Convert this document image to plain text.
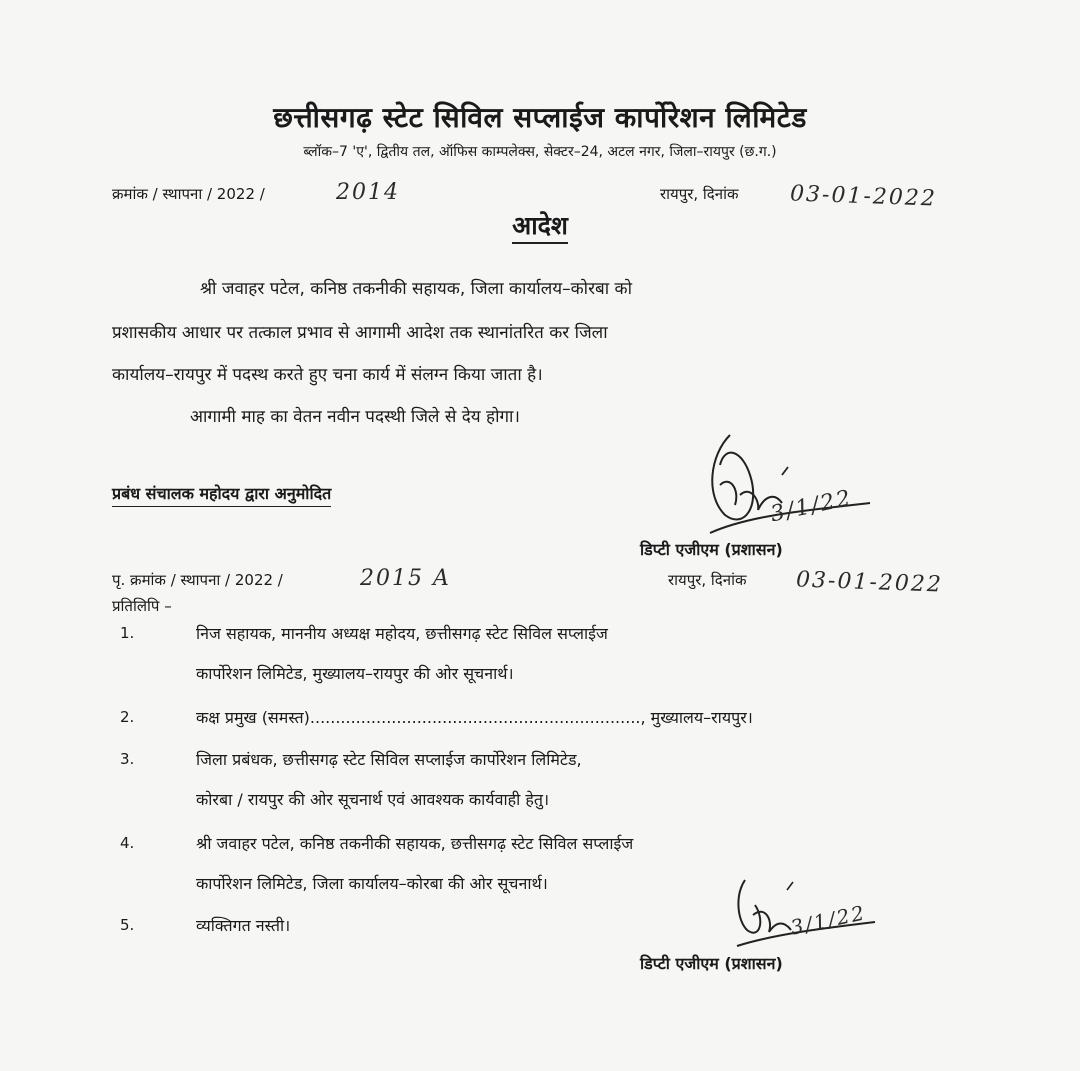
छत्तीसगढ़ स्टेट सिविल सप्लाईज कार्पोरेशन लिमिटेड
ब्लॉक–7 'ए', द्वितीय तल, ऑफिस काम्पलेक्स, सेक्टर–24, अटल नगर, जिला–रायपुर (छ.ग.)
क्रमांक / स्थापना / 2022 /	2014	रायपुर, दिनांक 03-01-2022
आदेश
श्री जवाहर पटेल, कनिष्ठ तकनीकी सहायक, जिला कार्यालय–कोरबा को
प्रशासकीय आधार पर तत्काल प्रभाव से आगामी आदेश तक स्थानांतरित कर जिला
कार्यालय–रायपुर में पदस्थ करते हुए चना कार्य में संलग्न किया जाता है।
आगामी माह का वेतन नवीन पदस्थी जिले से देय होगा।
प्रबंध संचालक महोदय द्वारा अनुमोदित	3/1/22
डिप्टी एजीएम (प्रशासन)
पृ. क्रमांक / स्थापना / 2022 /	2015 A	रायपुर, दिनांक 03-01-2022
प्रतिलिपि –
1.	निज सहायक, माननीय अध्यक्ष महोदय, छत्तीसगढ़ स्टेट सिविल सप्लाईज
कार्पोरेशन लिमिटेड, मुख्यालय–रायपुर की ओर सूचनार्थ।
2.	कक्ष प्रमुख (समस्त)................................................................., मुख्यालय–रायपुर।
3.	जिला प्रबंधक, छत्तीसगढ़ स्टेट सिविल सप्लाईज कार्पोरेशन लिमिटेड,
कोरबा / रायपुर की ओर सूचनार्थ एवं आवश्यक कार्यवाही हेतु।
4.	श्री जवाहर पटेल, कनिष्ठ तकनीकी सहायक, छत्तीसगढ़ स्टेट सिविल सप्लाईज
कार्पोरेशन लिमिटेड, जिला कार्यालय–कोरबा की ओर सूचनार्थ।
5.	व्यक्तिगत नस्ती।	3/1/22
डिप्टी एजीएम (प्रशासन)
